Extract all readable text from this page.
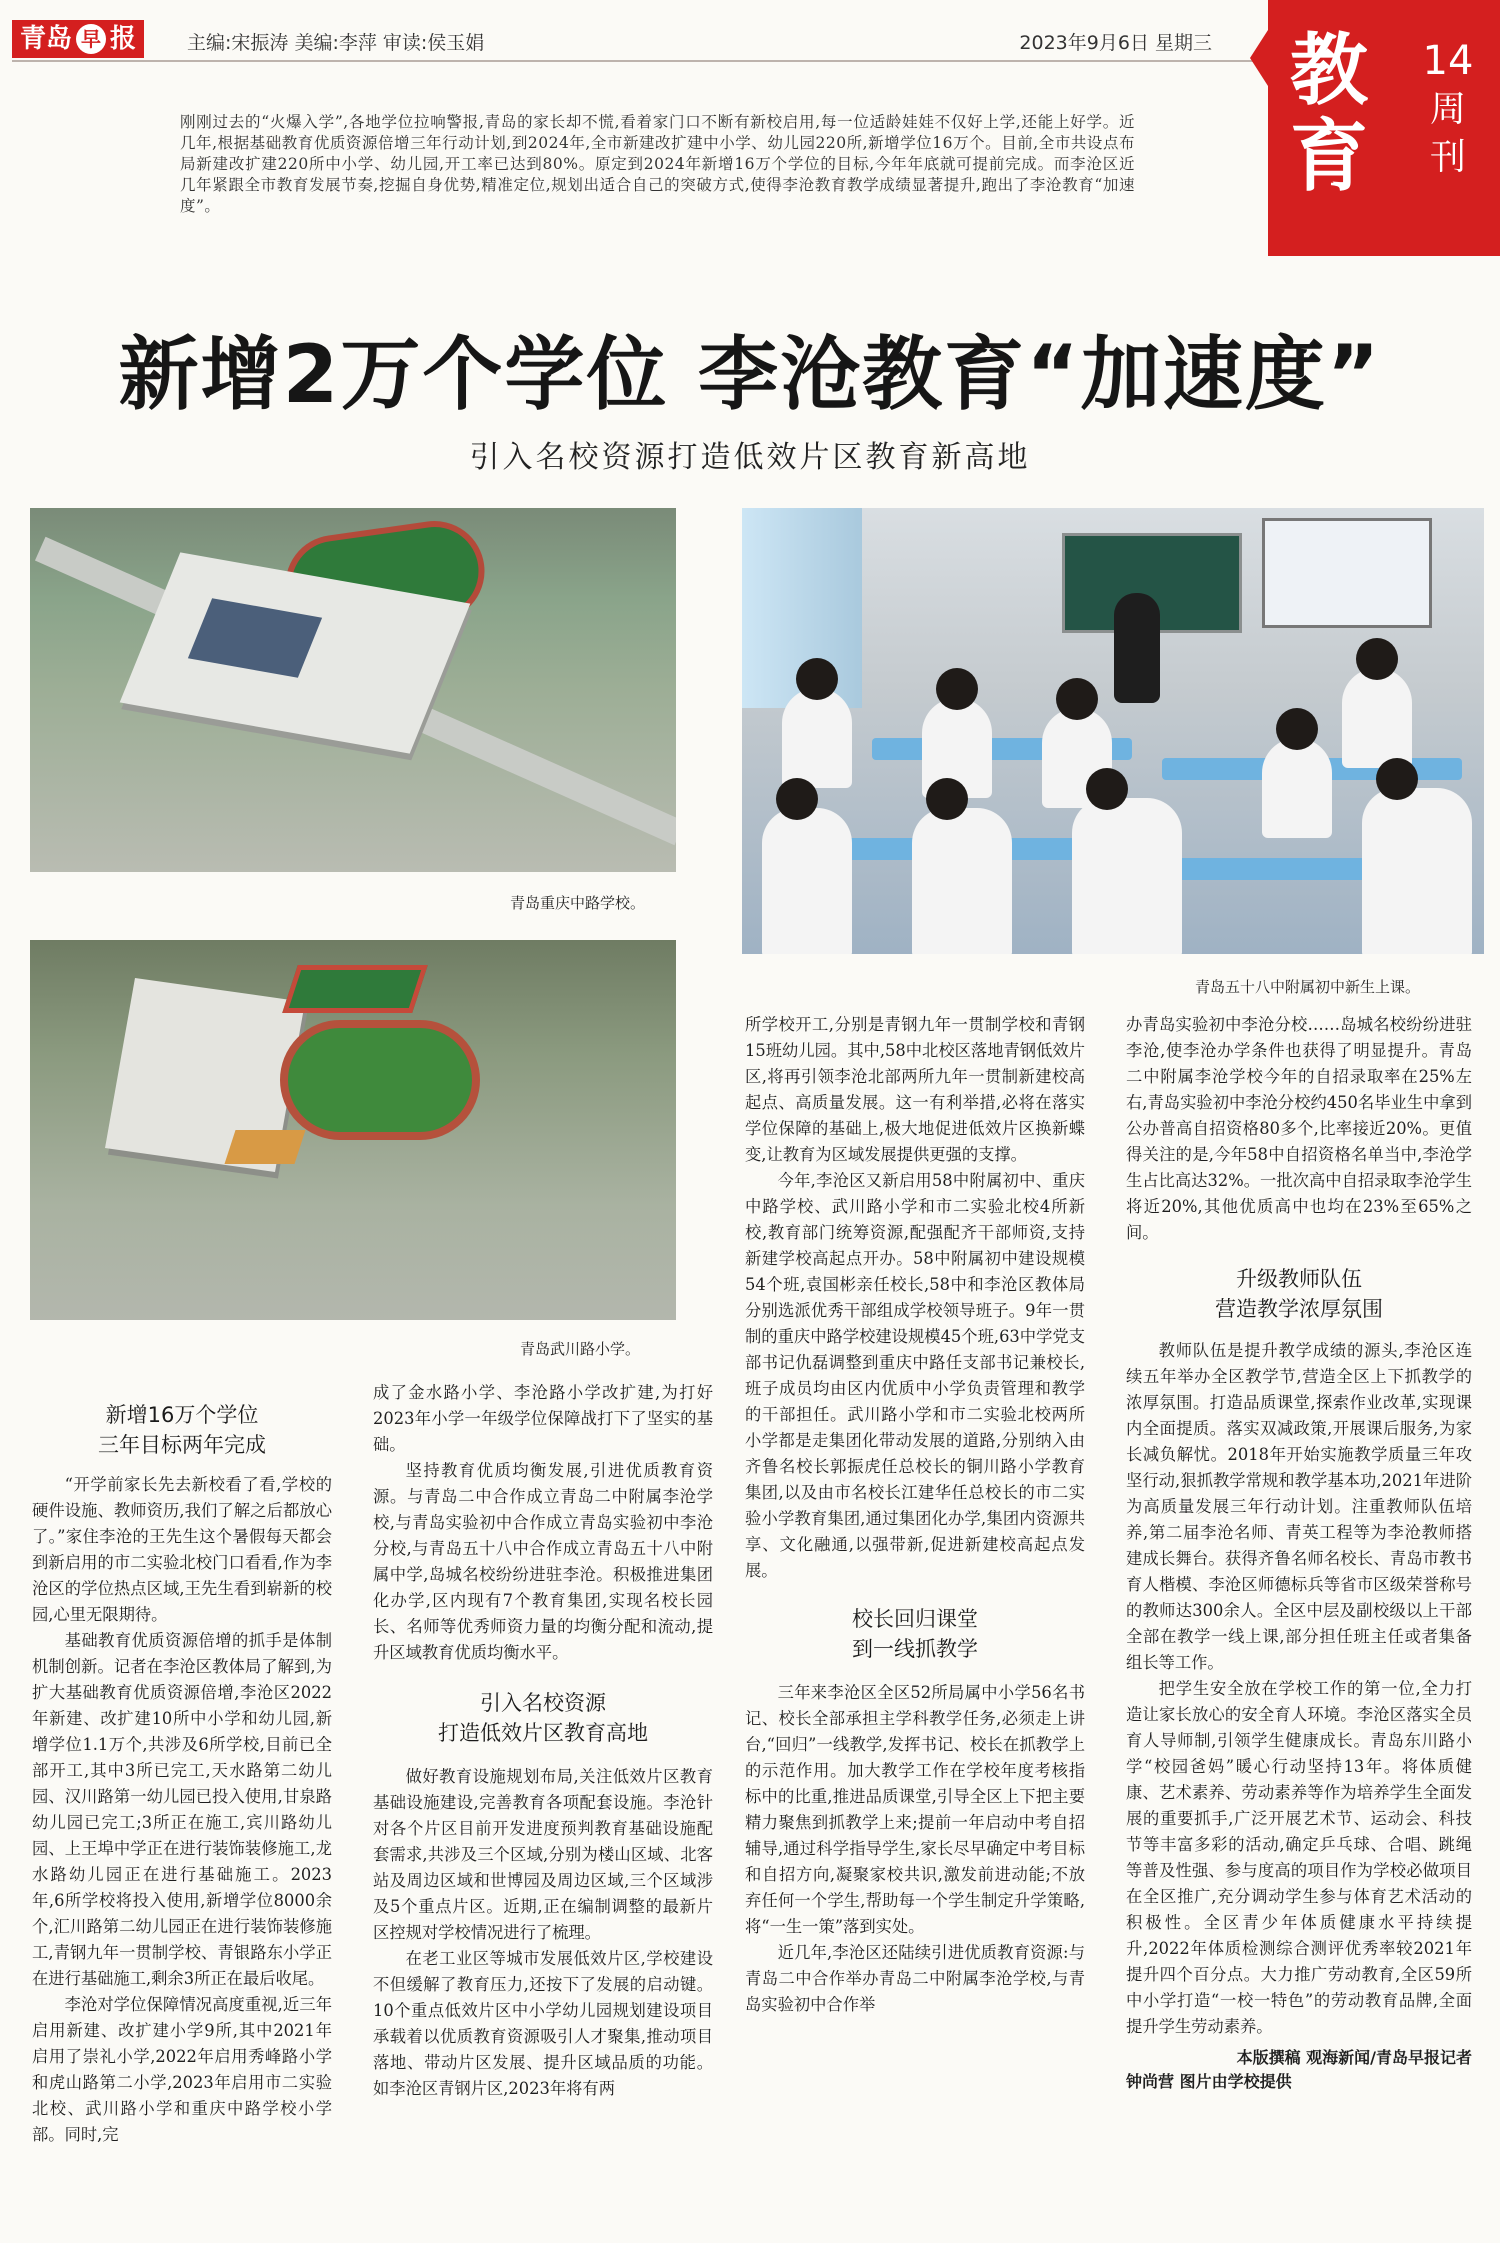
青岛 早 报	主编:宋振涛 美编:李萍 审读:侯玉娟	2023年9月6日 星期三 教育
14
周刊
刚刚过去的“火爆入学”,各地学位拉响警报,青岛的家长却不慌,看着家门口不断有新校启用,每一位适龄娃娃不仅好上学,还能上好学。近几年,根据基础教育优质资源倍增三年行动计划,到2024年,全市新建改扩建中小学、幼儿园220所,新增学位16万个。目前,全市共设点布局新建改扩建220所中小学、幼儿园,开工率已达到80%。原定到2024年新增16万个学位的目标,今年年底就可提前完成。而李沧区近几年紧跟全市教育发展节奏,挖掘自身优势,精准定位,规划出适合自己的突破方式,使得李沧教育教学成绩显著提升,跑出了李沧教育“加速度”。
新增2万个学位 李沧教育“加速度”
引入名校资源打造低效片区教育新高地
青岛重庆中路学校。
青岛武川路小学。
青岛五十八中附属初中新生上课。
新增16万个学位
三年目标两年完成

“开学前家长先去新校看了看,学校的硬件设施、教师资历,我们了解之后都放心了。”家住李沧的王先生这个暑假每天都会到新启用的市二实验北校门口看看,作为李沧区的学位热点区域,王先生看到崭新的校园,心里无限期待。

基础教育优质资源倍增的抓手是体制机制创新。记者在李沧区教体局了解到,为扩大基础教育优质资源倍增,李沧区2022年新建、改扩建10所中小学和幼儿园,新增学位1.1万个,共涉及6所学校,目前已全部开工,其中3所已完工,天水路第二幼儿园、汉川路第一幼儿园已投入使用,甘泉路幼儿园已完工;3所正在施工,宾川路幼儿园、上王埠中学正在进行装饰装修施工,龙水路幼儿园正在进行基础施工。2023年,6所学校将投入使用,新增学位8000余个,汇川路第二幼儿园正在进行装饰装修施工,青钢九年一贯制学校、青银路东小学正在进行基础施工,剩余3所正在最后收尾。

李沧对学位保障情况高度重视,近三年启用新建、改扩建小学9所,其中2021年启用了崇礼小学,2022年启用秀峰路小学和虎山路第二小学,2023年启用市二实验北校、武川路小学和重庆中路学校小学部。同时,完

成了金水路小学、李沧路小学改扩建,为打好2023年小学一年级学位保障战打下了坚实的基础。

坚持教育优质均衡发展,引进优质教育资源。与青岛二中合作成立青岛二中附属李沧学校,与青岛实验初中合作成立青岛实验初中李沧分校,与青岛五十八中合作成立青岛五十八中附属中学,岛城名校纷纷进驻李沧。积极推进集团化办学,区内现有7个教育集团,实现名校长园长、名师等优秀师资力量的均衡分配和流动,提升区域教育优质均衡水平。

引入名校资源
打造低效片区教育高地

做好教育设施规划布局,关注低效片区教育基础设施建设,完善教育各项配套设施。李沧针对各个片区目前开发进度预判教育基础设施配套需求,共涉及三个区域,分别为楼山区域、北客站及周边区域和世博园及周边区域,三个区域涉及5个重点片区。近期,正在编制调整的最新片区控规对学校情况进行了梳理。

在老工业区等城市发展低效片区,学校建设不但缓解了教育压力,还按下了发展的启动键。10个重点低效片区中小学幼儿园规划建设项目承载着以优质教育资源吸引人才聚集,推动项目落地、带动片区发展、提升区域品质的功能。如李沧区青钢片区,2023年将有两

所学校开工,分别是青钢九年一贯制学校和青钢15班幼儿园。其中,58中北校区落地青钢低效片区,将再引领李沧北部两所九年一贯制新建校高起点、高质量发展。这一有利举措,必将在落实学位保障的基础上,极大地促进低效片区换新蝶变,让教育为区域发展提供更强的支撑。

今年,李沧区又新启用58中附属初中、重庆中路学校、武川路小学和市二实验北校4所新校,教育部门统筹资源,配强配齐干部师资,支持新建学校高起点开办。58中附属初中建设规模54个班,袁国彬亲任校长,58中和李沧区教体局分别选派优秀干部组成学校领导班子。9年一贯制的重庆中路学校建设规模45个班,63中学党支部书记仇磊调整到重庆中路任支部书记兼校长,班子成员均由区内优质中小学负责管理和教学的干部担任。武川路小学和市二实验北校两所小学都是走集团化带动发展的道路,分别纳入由齐鲁名校长郭振虎任总校长的铜川路小学教育集团,以及由市名校长江建华任总校长的市二实验小学教育集团,通过集团化办学,集团内资源共享、文化融通,以强带新,促进新建校高起点发展。

校长回归课堂
到一线抓教学

三年来李沧区全区52所局属中小学56名书记、校长全部承担主学科教学任务,必须走上讲台,“回归”一线教学,发挥书记、校长在抓教学上的示范作用。加大教学工作在学校年度考核指标中的比重,推进品质课堂,引导全区上下把主要精力聚焦到抓教学上来;提前一年启动中考自招辅导,通过科学指导学生,家长尽早确定中考目标和自招方向,凝聚家校共识,激发前进动能;不放弃任何一个学生,帮助每一个学生制定升学策略,将“一生一策”落到实处。

近几年,李沧区还陆续引进优质教育资源:与青岛二中合作举办青岛二中附属李沧学校,与青岛实验初中合作举

办青岛实验初中李沧分校……岛城名校纷纷进驻李沧,使李沧办学条件也获得了明显提升。青岛二中附属李沧学校今年的自招录取率在25%左右,青岛实验初中李沧分校约450名毕业生中拿到公办普高自招资格80多个,比率接近20%。更值得关注的是,今年58中自招资格名单当中,李沧学生占比高达32%。一批次高中自招录取李沧学生将近20%,其他优质高中也均在23%至65%之间。

升级教师队伍
营造教学浓厚氛围

教师队伍是提升教学成绩的源头,李沧区连续五年举办全区教学节,营造全区上下抓教学的浓厚氛围。打造品质课堂,探索作业改革,实现课内全面提质。落实双减政策,开展课后服务,为家长减负解忧。2018年开始实施教学质量三年攻坚行动,狠抓教学常规和教学基本功,2021年进阶为高质量发展三年行动计划。注重教师队伍培养,第二届李沧名师、青英工程等为李沧教师搭建成长舞台。获得齐鲁名师名校长、青岛市教书育人楷模、李沧区师德标兵等省市区级荣誉称号的教师达300余人。全区中层及副校级以上干部全部在教学一线上课,部分担任班主任或者集备组长等工作。

把学生安全放在学校工作的第一位,全力打造让家长放心的安全育人环境。李沧区落实全员育人导师制,引领学生健康成长。青岛东川路小学“校园爸妈”暖心行动坚持13年。将体质健康、艺术素养、劳动素养等作为培养学生全面发展的重要抓手,广泛开展艺术节、运动会、科技节等丰富多彩的活动,确定乒乓球、合唱、跳绳等普及性强、参与度高的项目作为学校必做项目在全区推广,充分调动学生参与体育艺术活动的积极性。全区青少年体质健康水平持续提升,2022年体质检测综合测评优秀率较2021年提升四个百分点。大力推广劳动教育,全区59所中小学打造“一校一特色”的劳动教育品牌,全面提升学生劳动素养。

本版撰稿 观海新闻/青岛早报记者
钟尚营 图片由学校提供
